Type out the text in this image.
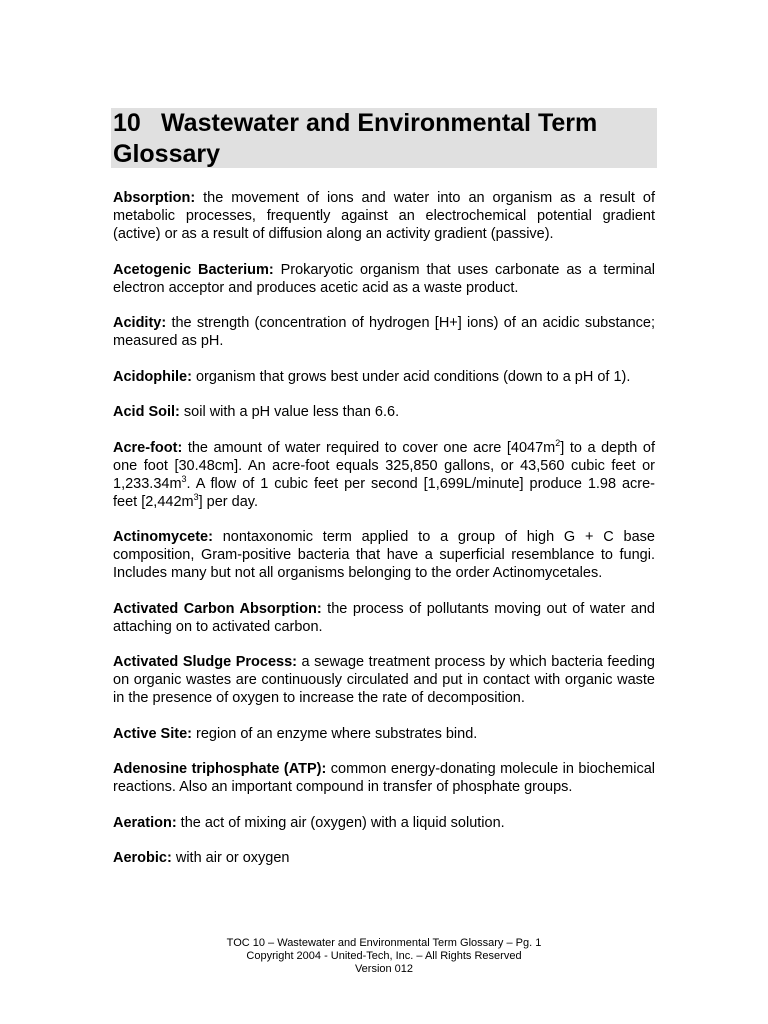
10 Wastewater and Environmental Term
Glossary

Absorption: the movement of ions and water into an organism as a result of metabolic processes, frequently against an electrochemical potential gradient (active) or as a result of diffusion along an activity gradient (passive).

Acetogenic Bacterium: Prokaryotic organism that uses carbonate as a terminal electron acceptor and produces acetic acid as a waste product.

Acidity: the strength (concentration of hydrogen [H+] ions) of an acidic substance; measured as pH.

Acidophile: organism that grows best under acid conditions (down to a pH of 1).

Acid Soil: soil with a pH value less than 6.6.

Acre-foot: the amount of water required to cover one acre $[4047m^2]$ to a depth of one foot [30.48cm]. An acre-foot equals 325,850 gallons, or 43,560 cubic feet or $1,233.34m^3$. A flow of 1 cubic feet per second [1,699L/minute] produce 1.98 acre-feet $[2,442m^3]$ per day.

Actinomycete: nontaxonomic term applied to a group of high G + C base composition, Gram-positive bacteria that have a superficial resemblance to fungi. Includes many but not all organisms belonging to the order Actinomycetales.

Activated Carbon Absorption: the process of pollutants moving out of water and attaching on to activated carbon.

Activated Sludge Process: a sewage treatment process by which bacteria feeding on organic wastes are continuously circulated and put in contact with organic waste in the presence of oxygen to increase the rate of decomposition.

Active Site: region of an enzyme where substrates bind.

Adenosine triphosphate (ATP): common energy-donating molecule in biochemical reactions. Also an important compound in transfer of phosphate groups.

Aeration: the act of mixing air (oxygen) with a liquid solution.

Aerobic: with air or oxygen

TOC 10 – Wastewater and Environmental Term Glossary – Pg. 1
Copyright 2004 - United-Tech, Inc. – All Rights Reserved
Version 012
